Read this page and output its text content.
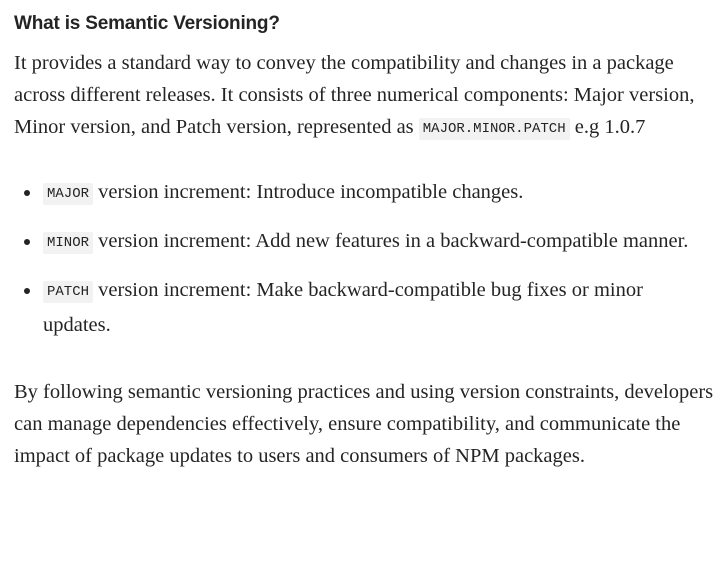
What is Semantic Versioning?

It provides a standard way to convey the compatibility and changes in a package across different releases. It consists of three numerical components: Major version, Minor version, and Patch version, represented as MAJOR.MINOR.PATCH e.g 1.0.7

MAJOR version increment: Introduce incompatible changes.
MINOR version increment: Add new features in a backward-compatible manner.
PATCH version increment: Make backward-compatible bug fixes or minor updates.

By following semantic versioning practices and using version constraints, developers can manage dependencies effectively, ensure compatibility, and communicate the impact of package updates to users and consumers of NPM packages.
